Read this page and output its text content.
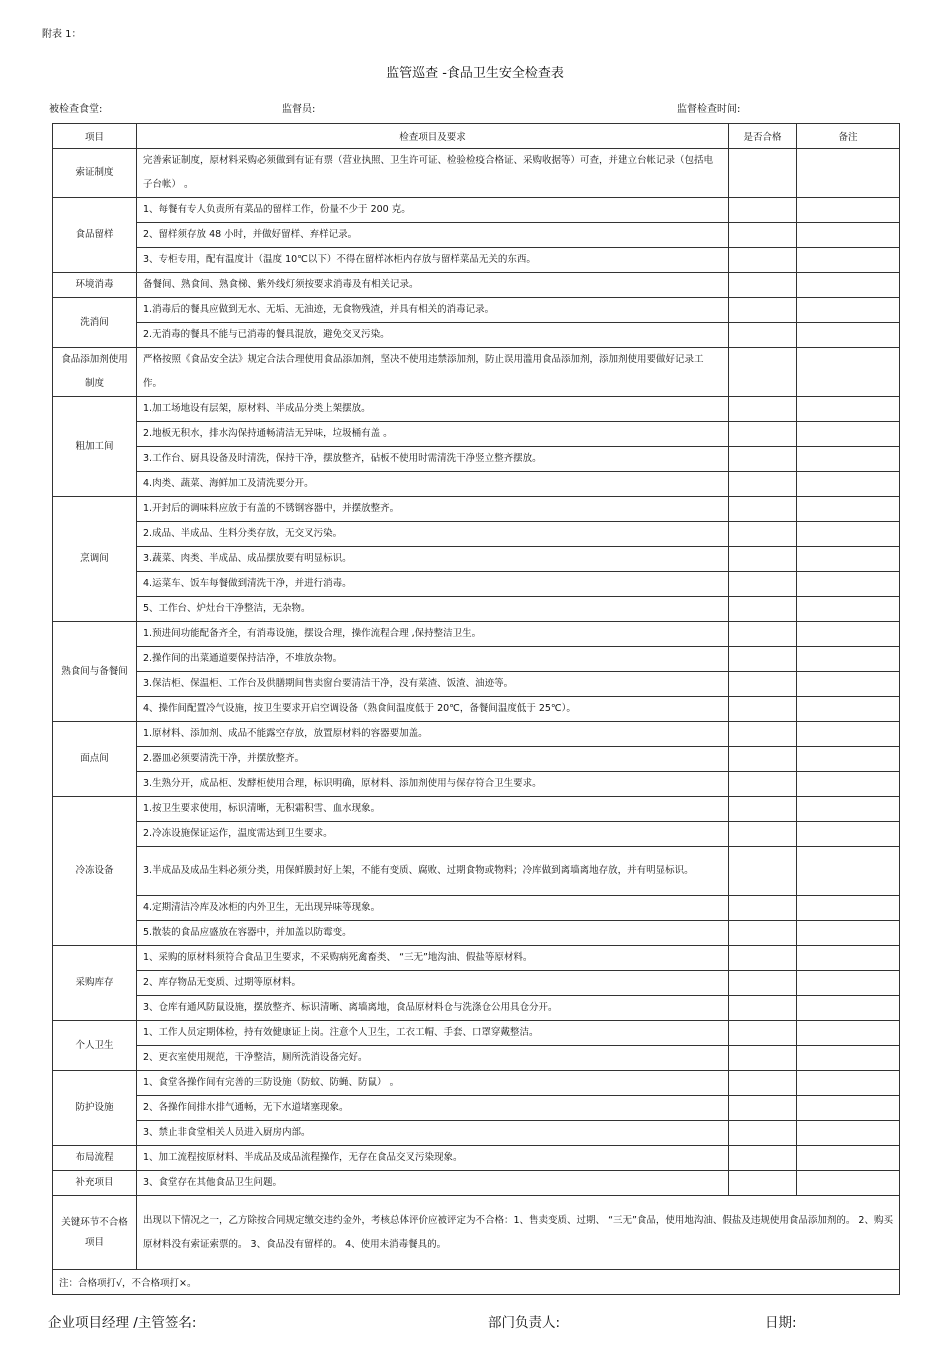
附表 1：
监管巡查 -食品卫生安全检查表
被检查食堂:	监督员:	监督检查时间:
项目	检查项目及要求	是否合格	备注
索证制度	完善索证制度，原材料采购必须做到有证有票（营业执照、卫生许可证、检验检疫合格证、采购收据等）可查，并建立台帐记录（包括电子台帐） 。		
食品留样	1、每餐有专人负责所有菜品的留样工作，份量不少于 200 克。		
	2、留样须存放 48 小时，并做好留样、弃样记录。		
	3、专柜专用，配有温度计（温度 10℃以下）不得在留样冰柜内存放与留样菜品无关的东西。		
环境消毒	备餐间、熟食间、熟食梯、紫外线灯须按要求消毒及有相关记录。		
洗消间	1.消毒后的餐具应做到无水、无垢、无油迹，无食物残渣，并具有相关的消毒记录。		
	2.无消毒的餐具不能与已消毒的餐具混放，避免交叉污染。		
食品添加剂使用制度	严格按照《食品安全法》规定合法合理使用食品添加剂，坚决不使用违禁添加剂，防止误用滥用食品添加剂，添加剂使用要做好记录工作。		
粗加工间	1.加工场地设有层架，原材料、半成品分类上架摆放。		
	2.地板无积水，排水沟保持通畅清洁无异味，垃圾桶有盖 。		
	3.工作台、厨具设备及时清洗，保持干净，摆放整齐，砧板不使用时需清洗干净竖立整齐摆放。		
	4.肉类、蔬菜、海鲜加工及清洗要分开。		
烹调间	1.开封后的调味料应放于有盖的不锈钢容器中，并摆放整齐。		
	2.成品、半成品、生料分类存放，无交叉污染。		
	3.蔬菜、肉类、半成品、成品摆放要有明显标识。		
	4.运菜车、饭车每餐做到清洗干净，并进行消毒。		
	5、工作台、炉灶台干净整洁，无杂物。		
熟食间与备餐间	1.预进间功能配备齐全，有消毒设施，摆设合理，操作流程合理 ,保持整洁卫生。		
	2.操作间的出菜通道要保持洁净，不堆放杂物。		
	3.保洁柜、保温柜、工作台及供膳期间售卖窗台要清洁干净，没有菜渣、饭渣、油迹等。		
	4、操作间配置冷气设施，按卫生要求开启空调设备（熟食间温度低于 20℃，备餐间温度低于 25℃）。		
面点间	1.原材料、添加剂、成品不能露空存放，放置原材料的容器要加盖。		
	2.器皿必须要清洗干净，并摆放整齐。		
	3.生熟分开，成品柜、发酵柜使用合理，标识明确，原材料、添加剂使用与保存符合卫生要求。		
冷冻设备	1.按卫生要求使用，标识清晰，无积霜积雪、血水现象。		
	2.冷冻设施保证运作，温度需达到卫生要求。		
	3.半成品及成品生料必须分类，用保鲜膜封好上架，不能有变质、腐败、过期食物或物料；冷库做到离墙离地存放，并有明显标识。		
	4.定期清洁冷库及冰柜的内外卫生，无出现异味等现象。		
	5.散装的食品应盛放在容器中，并加盖以防霉变。		
采购库存	1、采购的原材料须符合食品卫生要求，不采购病死禽畜类、 “三无”地沟油、假盐等原材料。		
	2、库存物品无变质、过期等原材料。		
	3、仓库有通风防鼠设施，摆放整齐、标识清晰、离墙离地，食品原材料仓与洗涤仓公用具仓分开。		
个人卫生	1、工作人员定期体检，持有效健康证上岗。注意个人卫生，工衣工帽、手套、口罩穿戴整洁。		
	2、更衣室使用规范，干净整洁，厕所洗消设备完好。		
防护设施	1、食堂各操作间有完善的三防设施（防蚊、防蝇、防鼠） 。		
	2、各操作间排水排气通畅，无下水道堵塞现象。		
	3、禁止非食堂相关人员进入厨房内部。		
布局流程	1、加工流程按原材料、半成品及成品流程操作，无存在食品交叉污染现象。		
补充项目	3、食堂存在其他食品卫生问题。		
关键环节不合格项目	出现以下情况之一，乙方除按合同规定缴交违约金外，考核总体评价应被评定为不合格：1、售卖变质、过期、 “三无”食品，使用地沟油、假盐及违规使用食品添加剂的。 2、购买原材料没有索证索票的。 3、食品没有留样的。 4、使用未消毒餐具的。		
注：合格项打√，不合格项打×。			
企业项目经理 /主管签名:	部门负责人:	日期:
